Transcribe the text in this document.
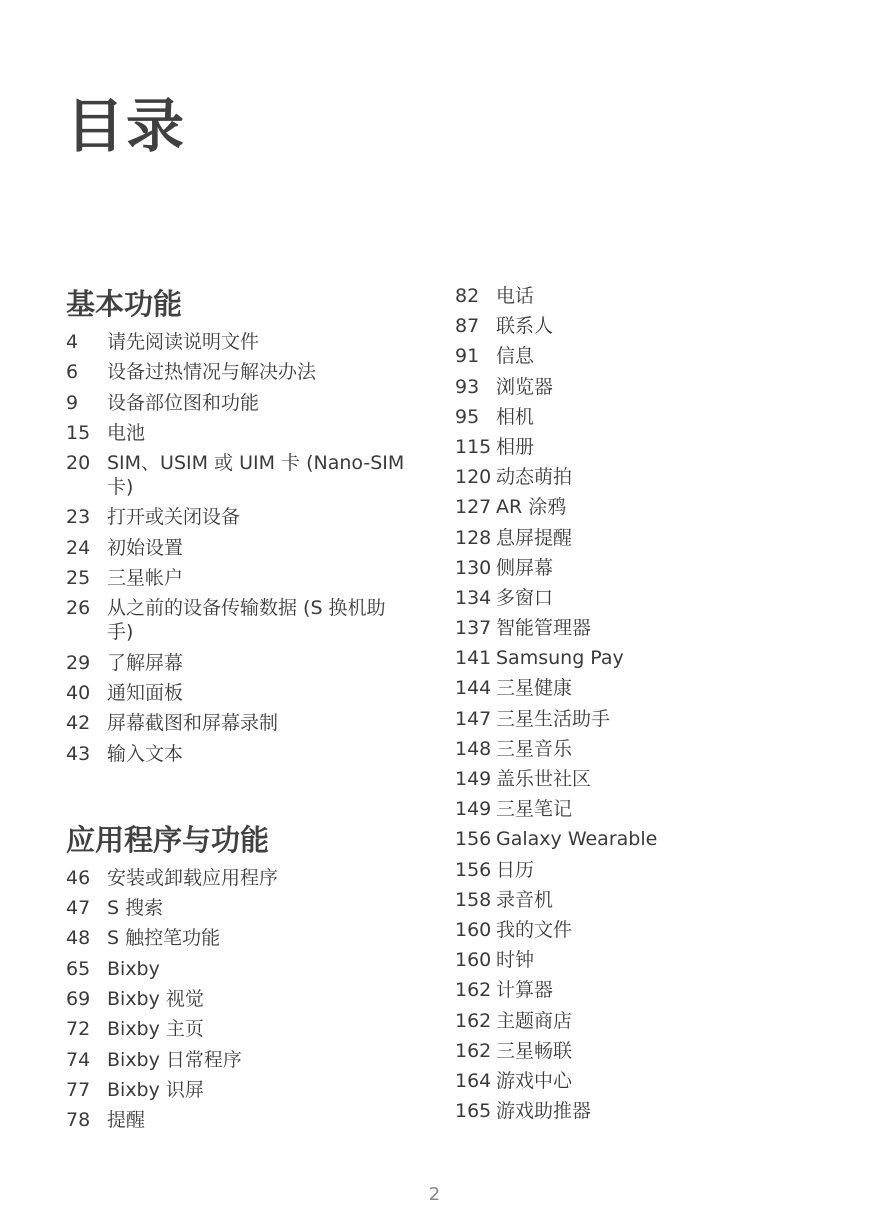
目录
基本功能
4	请先阅读说明文件
6	设备过热情况与解决办法
9	设备部位图和功能
15 电池
20 SIM、USIM 或 UIM 卡 (Nano-SIM 卡)
23 打开或关闭设备
24 初始设置
25 三星帐户
26 从之前的设备传输数据 (S 换机助手)
29 了解屏幕
40 通知面板
42 屏幕截图和屏幕录制
43 输入文本
应用程序与功能
46 安装或卸载应用程序
47 S 搜索
48 S 触控笔功能
65 Bixby
69 Bixby 视觉
72 Bixby 主页
74 Bixby 日常程序
77 Bixby 识屏
78 提醒
82 电话
87 联系人
91 信息
93 浏览器
95 相机
115 相册
120 动态萌拍
127 AR 涂鸦
128 息屏提醒
130 侧屏幕
134 多窗口
137 智能管理器
141 Samsung Pay
144 三星健康
147 三星生活助手
148 三星音乐
149 盖乐世社区
149 三星笔记
156 Galaxy Wearable
156 日历
158 录音机
160 我的文件
160 时钟
162 计算器
162 主题商店
162 三星畅联
164 游戏中心
165 游戏助推器
2
